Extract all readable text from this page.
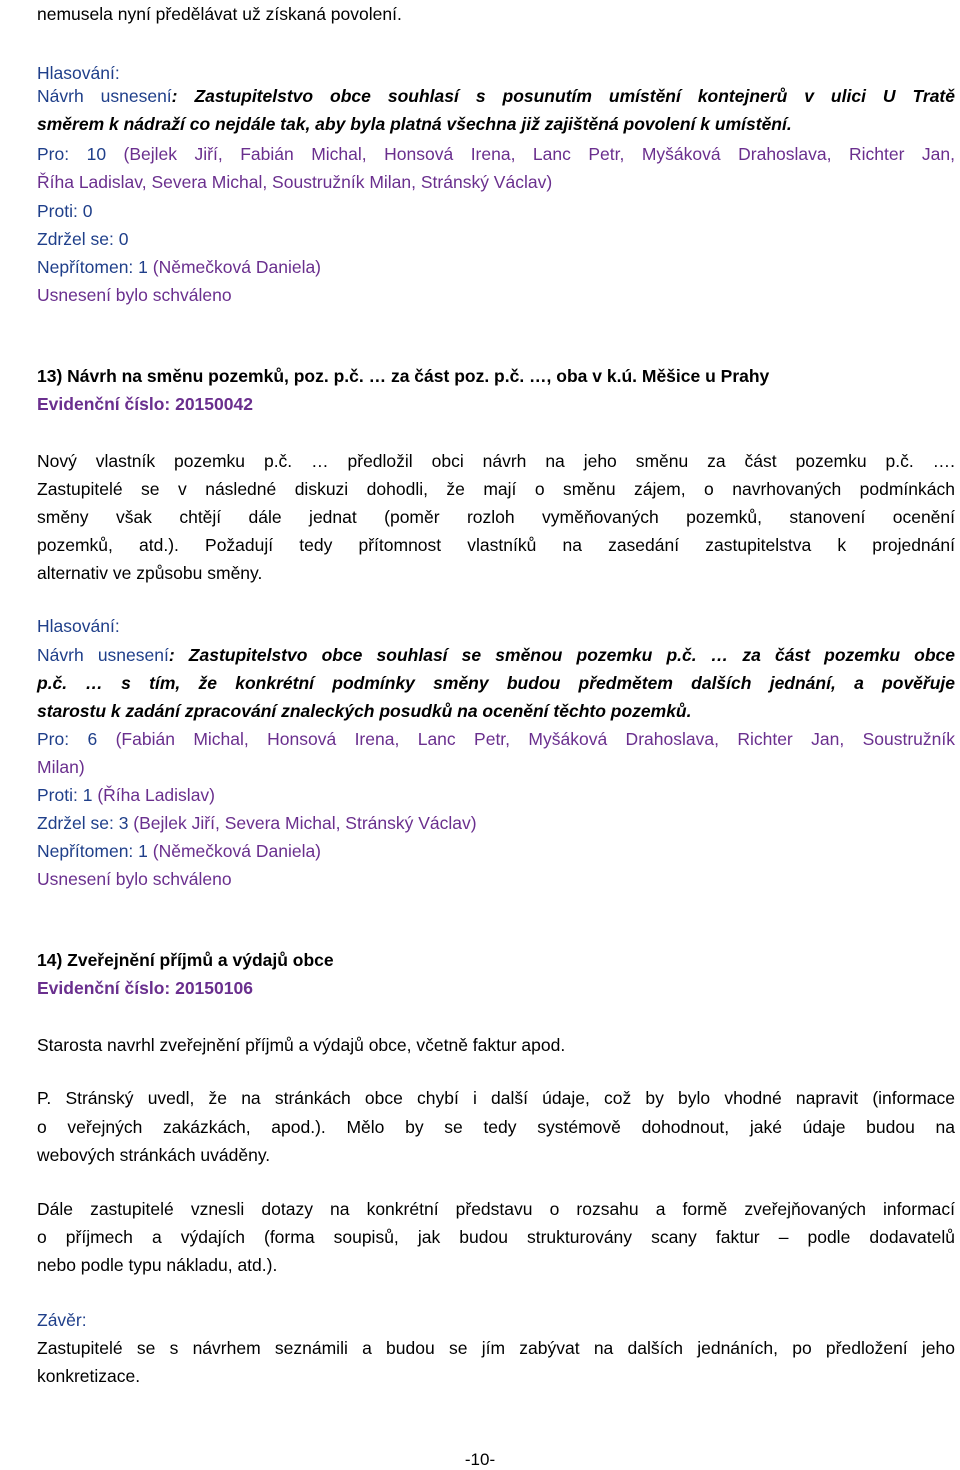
nemusela nyní předělávat už získaná povolení.
Hlasování:
Návrh usnesení: Zastupitelstvo obce souhlasí s posunutím umístění kontejnerů v ulici U Tratě
směrem k nádraží co nejdále tak, aby byla platná všechna již zajištěná povolení k umístění.
Pro: 10 (Bejlek Jiří, Fabián Michal, Honsová Irena, Lanc Petr, Myšáková Drahoslava, Richter Jan,
Říha Ladislav, Severa Michal, Soustružník Milan, Stránský Václav)
Proti: 0
Zdržel se: 0
Nepřítomen: 1 (Němečková Daniela)
Usnesení bylo schváleno
13) Návrh na směnu pozemků, poz. p.č. … za část poz. p.č. …, oba v k.ú. Měšice u Prahy
Evidenční číslo: 20150042
Nový vlastník pozemku p.č. … předložil obci návrh na jeho směnu za část pozemku p.č. ….
Zastupitelé se v následné diskuzi dohodli, že mají o směnu zájem, o navrhovaných podmínkách
směny však chtějí dále jednat (poměr rozloh vyměňovaných pozemků, stanovení ocenění
pozemků, atd.). Požadují tedy přítomnost vlastníků na zasedání zastupitelstva k projednání
alternativ ve způsobu směny.
Hlasování:
Návrh usnesení: Zastupitelstvo obce souhlasí se směnou pozemku p.č. … za část pozemku obce
p.č. … s tím, že konkrétní podmínky směny budou předmětem dalších jednání, a pověřuje
starostu k zadání zpracování znaleckých posudků na ocenění těchto pozemků.
Pro: 6 (Fabián Michal, Honsová Irena, Lanc Petr, Myšáková Drahoslava, Richter Jan, Soustružník
Milan)
Proti: 1 (Říha Ladislav)
Zdržel se: 3 (Bejlek Jiří, Severa Michal, Stránský Václav)
Nepřítomen: 1 (Němečková Daniela)
Usnesení bylo schváleno
14) Zveřejnění příjmů a výdajů obce
Evidenční číslo: 20150106
Starosta navrhl zveřejnění příjmů a výdajů obce, včetně faktur apod.
P. Stránský uvedl, že na stránkách obce chybí i další údaje, což by bylo vhodné napravit (informace
o veřejných zakázkách, apod.). Mělo by se tedy systémově dohodnout, jaké údaje budou na
webových stránkách uváděny.
Dále zastupitelé vznesli dotazy na konkrétní představu o rozsahu a formě zveřejňovaných informací
o příjmech a výdajích (forma soupisů, jak budou strukturovány scany faktur – podle dodavatelů
nebo podle typu nákladu, atd.).
Závěr:
Zastupitelé se s návrhem seznámili a budou se jím zabývat na dalších jednáních, po předložení jeho
konkretizace.
-10-
